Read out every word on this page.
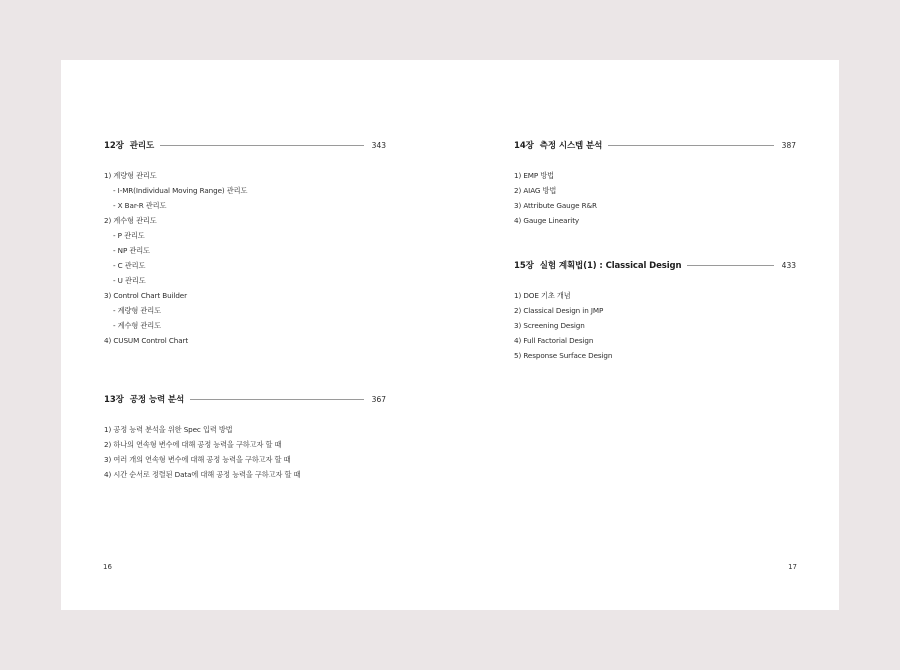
12장 관리도	343
1) 계량형 관리도
- I-MR(Individual Moving Range) 관리도
- X Bar-R 관리도
2) 계수형 관리도
- P 관리도
- NP 관리도
- C 관리도
- U 관리도
3) Control Chart Builder
- 계량형 관리도
- 계수형 관리도
4) CUSUM Control Chart
13장 공정 능력 분석	367
1) 공정 능력 분석을 위한 Spec 입력 방법
2) 하나의 연속형 변수에 대해 공정 능력을 구하고자 할 때
3) 여러 개의 연속형 변수에 대해 공정 능력을 구하고자 할 때
4) 시간 순서로 정렬된 Data에 대해 공정 능력을 구하고자 할 때
14장 측정 시스템 분석	387
1) EMP 방법
2) AIAG 방법
3) Attribute Gauge R&R
4) Gauge Linearity
15장 실험 계획법(1) : Classical Design	433
1) DOE 기초 개념
2) Classical Design in JMP
3) Screening Design
4) Full Factorial Design
5) Response Surface Design
16	17
